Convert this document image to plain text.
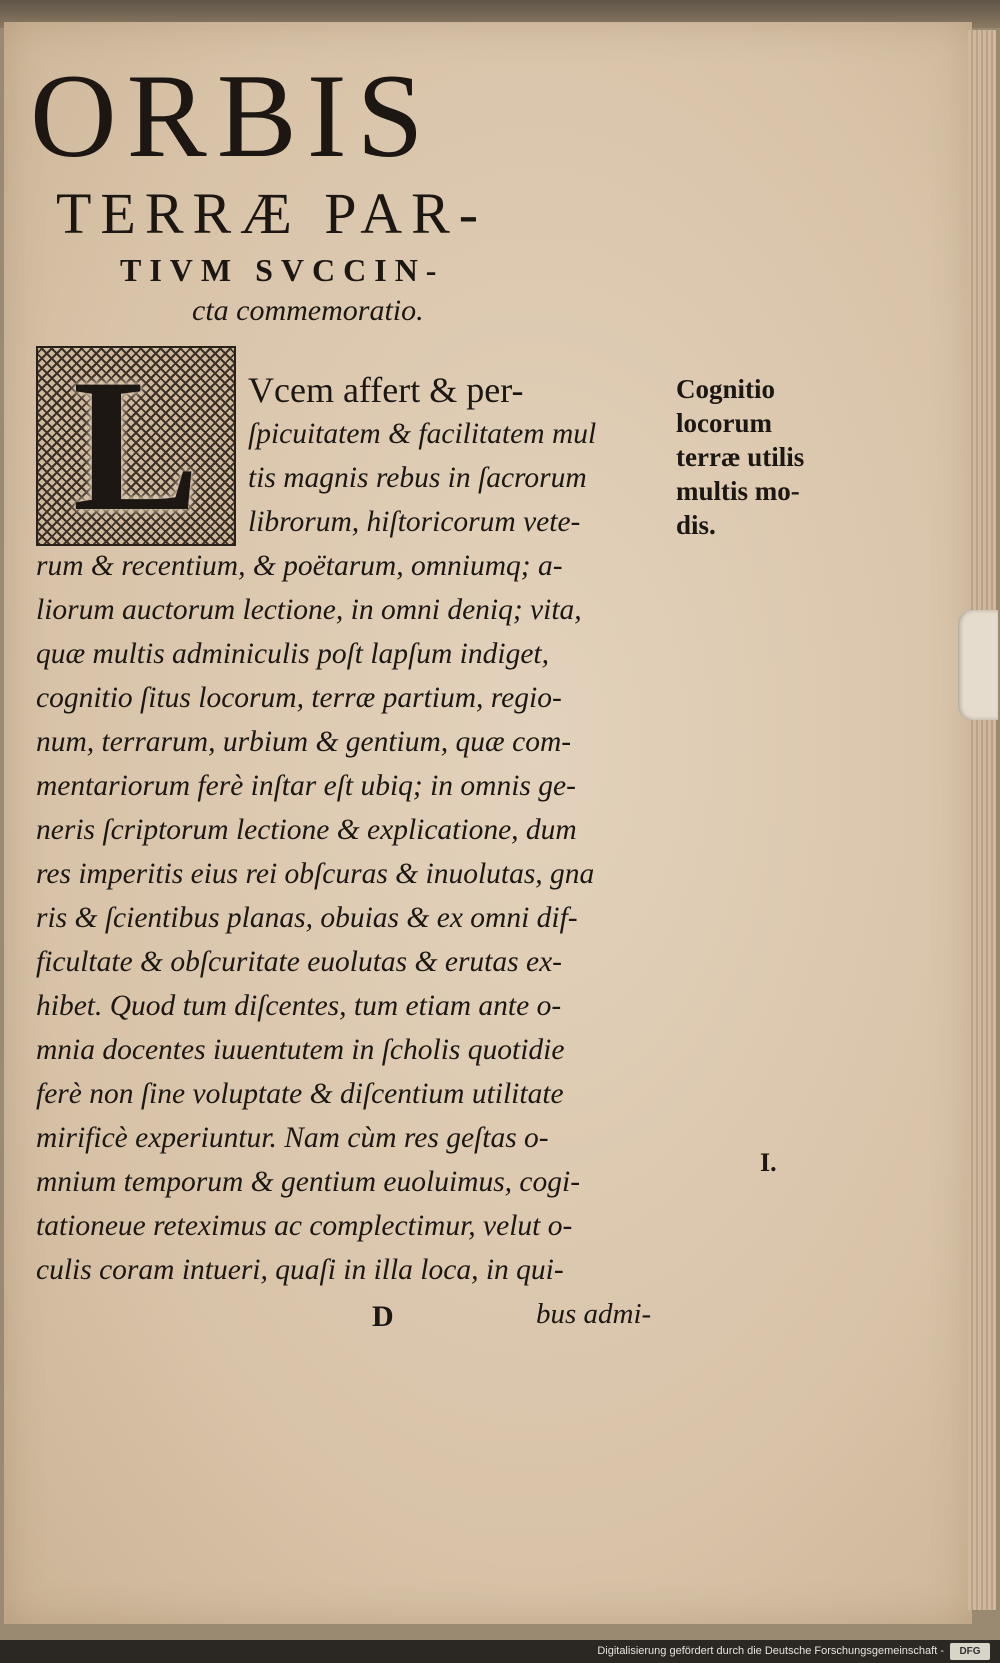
ORBIS
TERRÆ PAR-
TIVM SVCCIN-
cta commemoratio.
L	Vcem affert & per-
ſpicuitatem & facilitatem mul
tis magnis rebus in ſacrorum
librorum, hiſtoricorum vete-
rum & recentium, & poëtarum, omniumq; a-
liorum auctorum lectione, in omni deniq; vita,
quæ multis adminiculis poſt lapſum indiget,
cognitio ſitus locorum, terræ partium, regio-
num, terrarum, urbium & gentium, quæ com-
mentariorum ferè inſtar eſt ubiq; in omnis ge-
neris ſcriptorum lectione & explicatione, dum
res imperitis eius rei obſcuras & inuolutas, gna
ris & ſcientibus planas, obuias & ex omni dif-
ficultate & obſcuritate euolutas & erutas ex-
hibet. Quod tum diſcentes, tum etiam ante o-
mnia docentes iuuentutem in ſcholis quotidie
ferè non ſine voluptate & diſcentium utilitate
mirificè experiuntur. Nam cùm res geſtas o-
mnium temporum & gentium euoluimus, cogi-
tationeue reteximus ac complectimur, velut o-
culis coram intueri, quaſi in illa loca, in qui-
Cognitio
locorum
terræ utilis
multis mo-
dis.
I.
D	bus admi-
Digitalisierung gefördert durch die Deutsche Forschungsgemeinschaft -	DFG
